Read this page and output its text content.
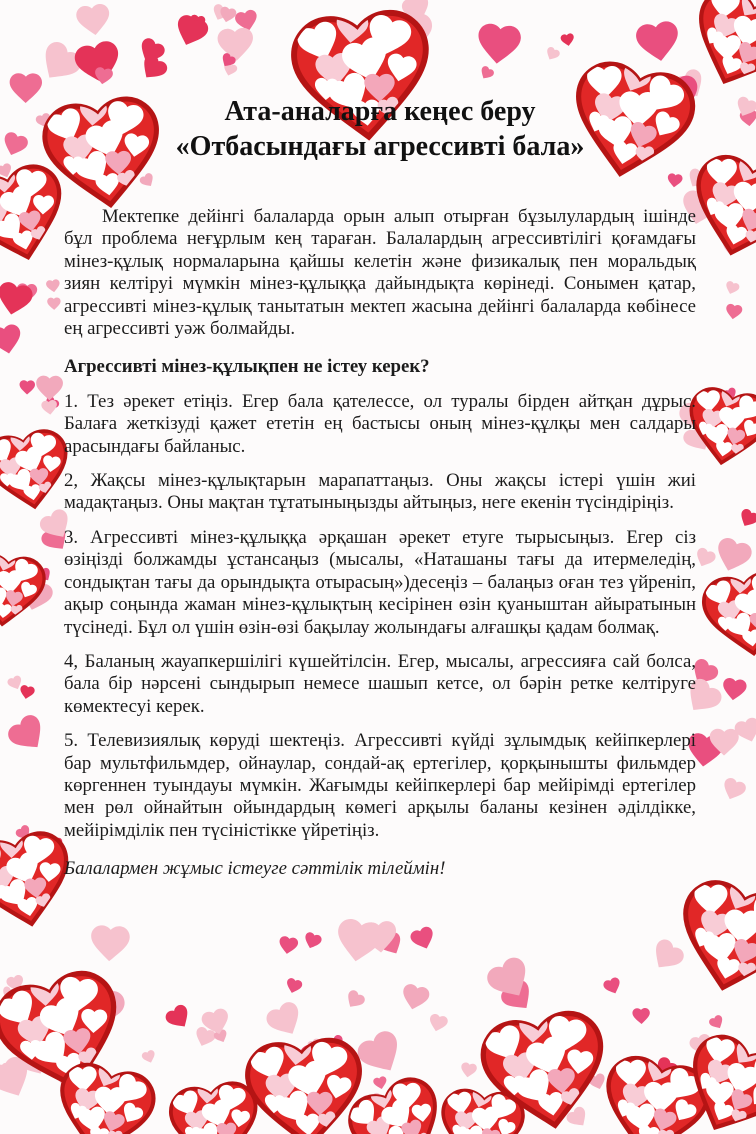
Ата-аналарға кеңес беру
«Отбасындағы агрессивті бала»

Мектепке дейінгі балаларда орын алып отырған бұзылулардың ішінде бұл проблема неғұрлым кең тараған. Балалардың агрессивтілігі қоғамдағы мінез-құлық нормаларына қайшы келетін және физикалық пен моральдық зиян келтіруі мүмкін мінез-құлыққа дайындықта көрінеді. Сонымен қатар, агрессивті мінез-құлық танытатын мектеп жасына дейінгі балаларда көбінесе ең агрессивті уәж болмайды.

Агрессивті мінез-құлықпен не істеу керек?

1. Тез әрекет етіңіз. Егер бала қателессе, ол туралы бірден айтқан дұрыс. Балаға жеткізуді қажет ететін ең бастысы оның мінез-құлқы мен салдары арасындағы байланыс.

2, Жақсы мінез-құлықтарын марапаттаңыз. Оны жақсы істері үшін жиі мадақтаңыз. Оны мақтан тұтатыныңызды айтыңыз, неге екенін түсіндіріңіз.

3. Агрессивті мінез-құлыққа әрқашан әрекет етуге тырысыңыз. Егер сіз өзіңізді болжамды ұстансаңыз (мысалы, «Наташаны тағы да итермеледің, сондықтан тағы да орындықта отырасың»)десеңіз – балаңыз оған тез үйреніп, ақыр соңында жаман мінез-құлықтың кесірінен өзін қуаныштан айыратынын түсінеді. Бұл ол үшін өзін-өзі бақылау жолындағы алғашқы қадам болмақ.

4, Баланың жауапкершілігі күшейтілсін. Егер, мысалы, агрессияға сай болса, бала бір нәрсені сындырып немесе шашып кетсе, ол бәрін ретке келтіруге көмектесуі керек.

5. Телевизиялық көруді шектеңіз. Агрессивті күйді зұлымдық кейіпкерлері бар мультфильмдер, ойнаулар, сондай-ақ ертегілер, қорқынышты фильмдер көргеннен туындауы мүмкін. Жағымды кейіпкерлері бар мейірімді ертегілер мен рөл ойнайтын ойындардың көмегі арқылы баланы кезінен әділдікке, мейірімділік пен түсіністікке үйретіңіз.

Балалармен жұмыс істеуге сәттілік тілеймін!
